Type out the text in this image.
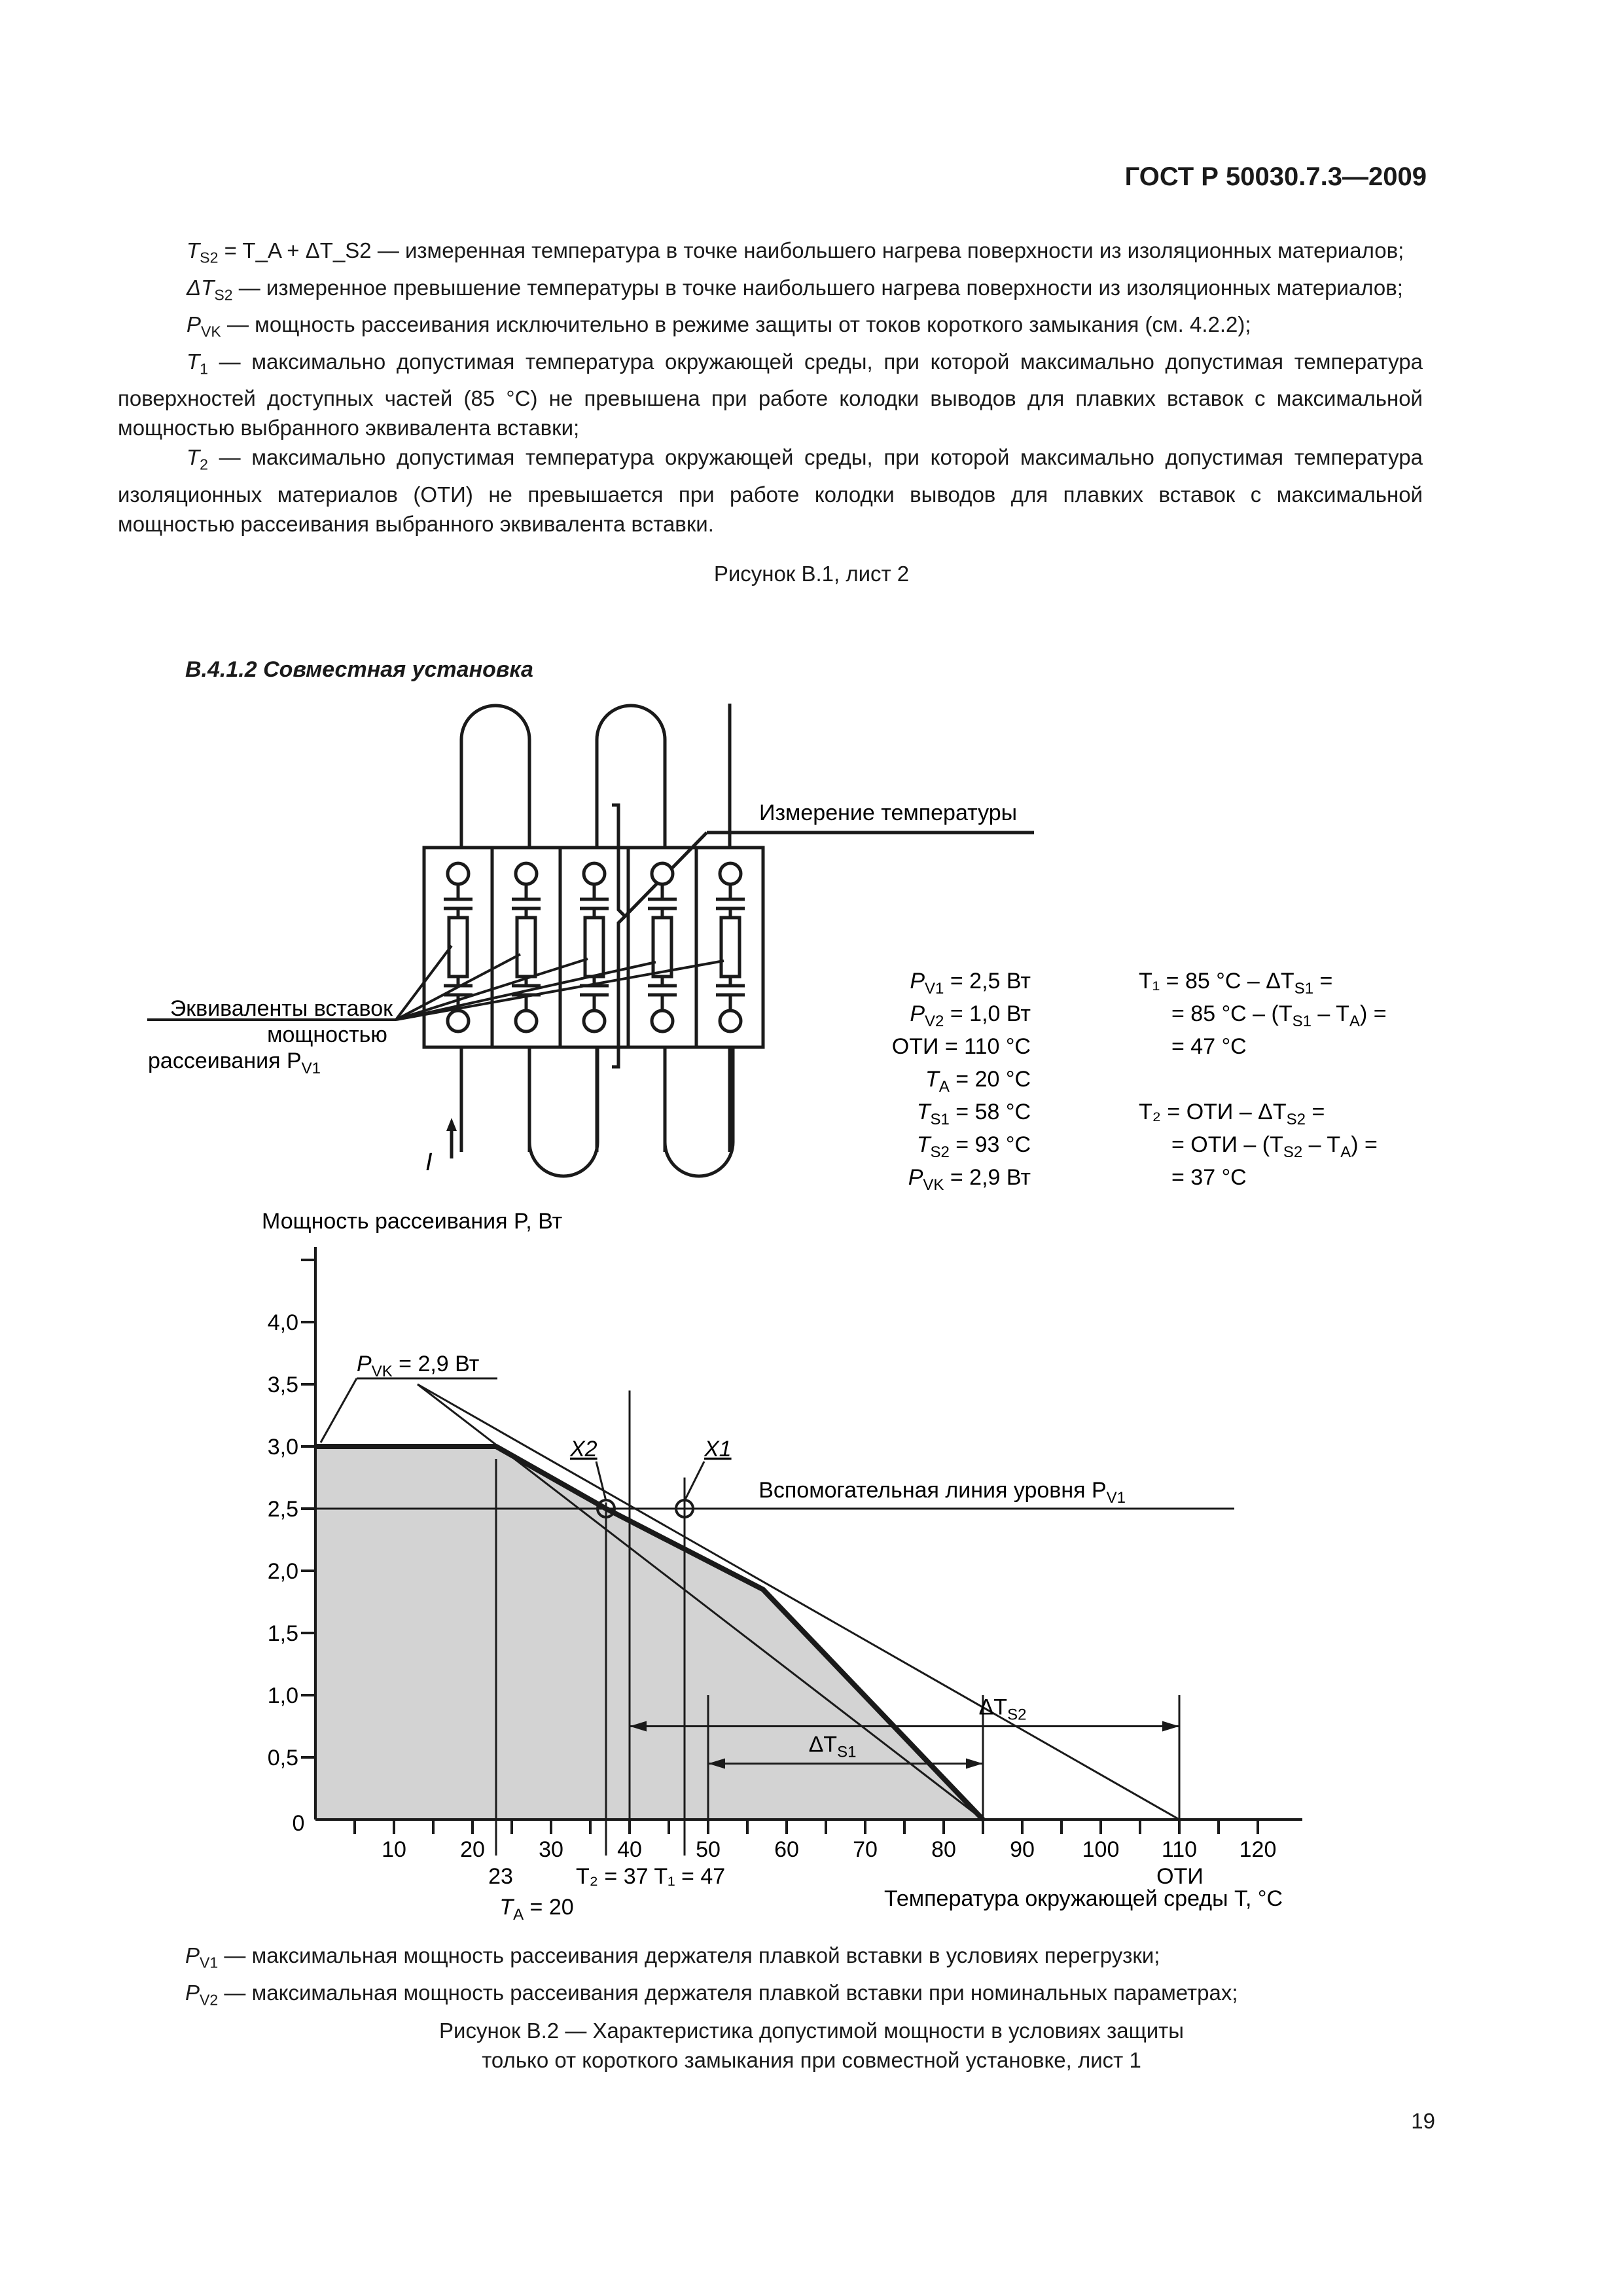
ГОСТ Р 50030.7.3—2009

$T_{S2}$ = T_A + ΔT_S2 — измеренная температура в точке наибольшего нагрева поверхности из изоляционных материалов;

$\Delta T_{S2}$ — измеренное превышение температуры в точке наибольшего нагрева поверхности из изоляционных материалов;

$P_{VK}$ — мощность рассеивания исключительно в режиме защиты от токов короткого замыкания (см. 4.2.2);

$T_1$ — максимально допустимая температура окружающей среды, при которой максимально допустимая температура поверхностей доступных частей (85 °С) не превышена при работе колодки выводов для плавких вставок с максимальной мощностью выбранного эквивалента вставки;

$T_2$ — максимально допустимая температура окружающей среды, при которой максимально допустимая температура изоляционных материалов (ОТИ) не превышается при работе колодки выводов для плавких вставок с максимальной мощностью рассеивания выбранного эквивалента вставки.

Рисунок В.1, лист 2
В.4.1.2 Совместная установка
Измерение температуры
Эквиваленты вставок
мощностью
рассеивания $P_{V1}$
I
$P_{V1} = 2,5$ Вт
$P_{V2} = 1,0$ Вт
ОТИ = 110 °С
$T_A = 20$ °С
$T_{S1} = 58$ °С
$T_{S2} = 93$ °С
$P_{VK} = 2,9$ Вт
T₁ = 85 $^\circ С - \Delta T_{S1}$ =
= 85 $^\circ С - (T_{S1} - T_A)$ =
= 47 °С
T₂ = ОТИ – $\Delta T_{S2}$ =
= ОТИ – $(T_{S2} - T_A)$ =
= 37 °С
Мощность рассеивания P, Вт
4,0
3,5
3,0
2,5
2,0
1,5
1,0
0,5
10 20 30 40 50 60 70 80 90 100 110 120
X2	X1
$\Delta T_{S2}$
$\Delta T_{S1}$
0
Температура окружающей среды T, °С
23
$T_A = 20$
T₂ = 37 T₁ = 47	ОТИ
Вспомогательная линия уровня $P_{V1}$
$P_{VK} = 2,9$ Вт

$P_{V1}$ — максимальная мощность рассеивания держателя плавкой вставки в условиях перегрузки;

$P_{V2}$ — максимальная мощность рассеивания держателя плавкой вставки при номинальных параметрах;

Рисунок В.2 — Характеристика допустимой мощности в условиях защиты

только от короткого замыкания при совместной установке, лист 1

19
